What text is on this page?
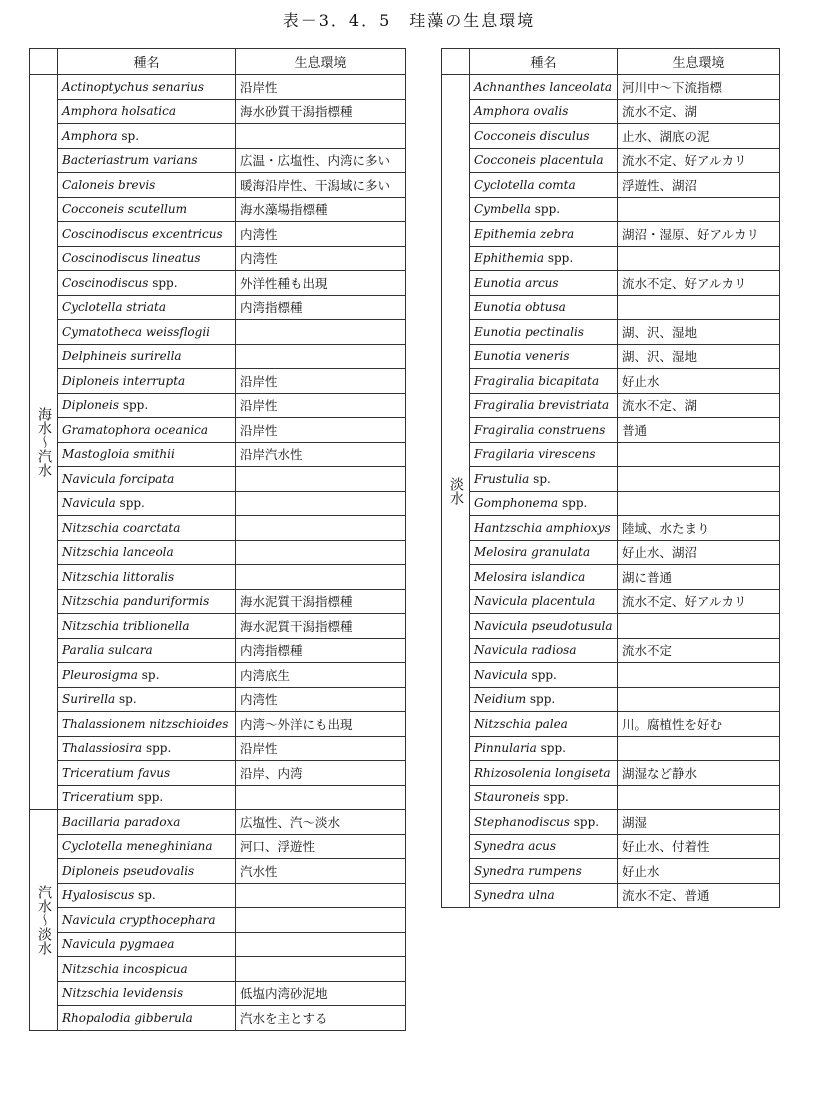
表－3．4．5　珪藻の生息環境
	種名	生息環境
海水～汽水	Actinoptychus senarius	沿岸性
	Amphora holsatica	海水砂質干潟指標種
	Amphora sp.	
	Bacteriastrum varians	広温・広塩性、内湾に多い
	Caloneis brevis	暖海沿岸性、干潟域に多い
	Cocconeis scutellum	海水藻場指標種
	Coscinodiscus excentricus	内湾性
	Coscinodiscus lineatus	内湾性
	Coscinodiscus spp.	外洋性種も出現
	Cyclotella striata	内湾指標種
	Cymatotheca weissflogii	
	Delphineis surirella	
	Diploneis interrupta	沿岸性
	Diploneis spp.	沿岸性
	Gramatophora oceanica	沿岸性
	Mastogloia smithii	沿岸汽水性
	Navicula forcipata	
	Navicula spp.	
	Nitzschia coarctata	
	Nitzschia lanceola	
	Nitzschia littoralis	
	Nitzschia panduriformis	海水泥質干潟指標種
	Nitzschia triblionella	海水泥質干潟指標種
	Paralia sulcara	内湾指標種
	Pleurosigma sp.	内湾底生
	Surirella sp.	内湾性
	Thalassionem nitzschioides	内湾～外洋にも出現
	Thalassiosira spp.	沿岸性
	Triceratium favus	沿岸、内湾
	Triceratium spp.	
汽水～淡水	Bacillaria paradoxa	広塩性、汽～淡水
	Cyclotella meneghiniana	河口、浮遊性
	Diploneis pseudovalis	汽水性
	Hyalosiscus sp.	
	Navicula crypthocephara	
	Navicula pygmaea	
	Nitzschia incospicua	
	Nitzschia levidensis	低塩内湾砂泥地
	Rhopalodia gibberula	汽水を主とする
	種名	生息環境
淡水	Achnanthes lanceolata	河川中～下流指標
	Amphora ovalis	流水不定、湖
	Cocconeis disculus	止水、湖底の泥
	Cocconeis placentula	流水不定、好アルカリ
	Cyclotella comta	浮遊性、湖沼
	Cymbella spp.	
	Epithemia zebra	湖沼・湿原、好アルカリ
	Ephithemia spp.	
	Eunotia arcus	流水不定、好アルカリ
	Eunotia obtusa	
	Eunotia pectinalis	湖、沢、湿地
	Eunotia veneris	湖、沢、湿地
	Fragiralia bicapitata	好止水
	Fragiralia brevistriata	流水不定、湖
	Fragiralia construens	普通
	Fragilaria virescens	
	Frustulia sp.	
	Gomphonema spp.	
	Hantzschia amphioxys	陸域、水たまり
	Melosira granulata	好止水、湖沼
	Melosira islandica	湖に普通
	Navicula placentula	流水不定、好アルカリ
	Navicula pseudotusula	
	Navicula radiosa	流水不定
	Navicula spp.	
	Neidium spp.	
	Nitzschia palea	川。腐植性を好む
	Pinnularia spp.	
	Rhizosolenia longiseta	湖湿など静水
	Stauroneis spp.	
	Stephanodiscus spp.	湖湿
	Synedra acus	好止水、付着性
	Synedra rumpens	好止水
	Synedra ulna	流水不定、普通
